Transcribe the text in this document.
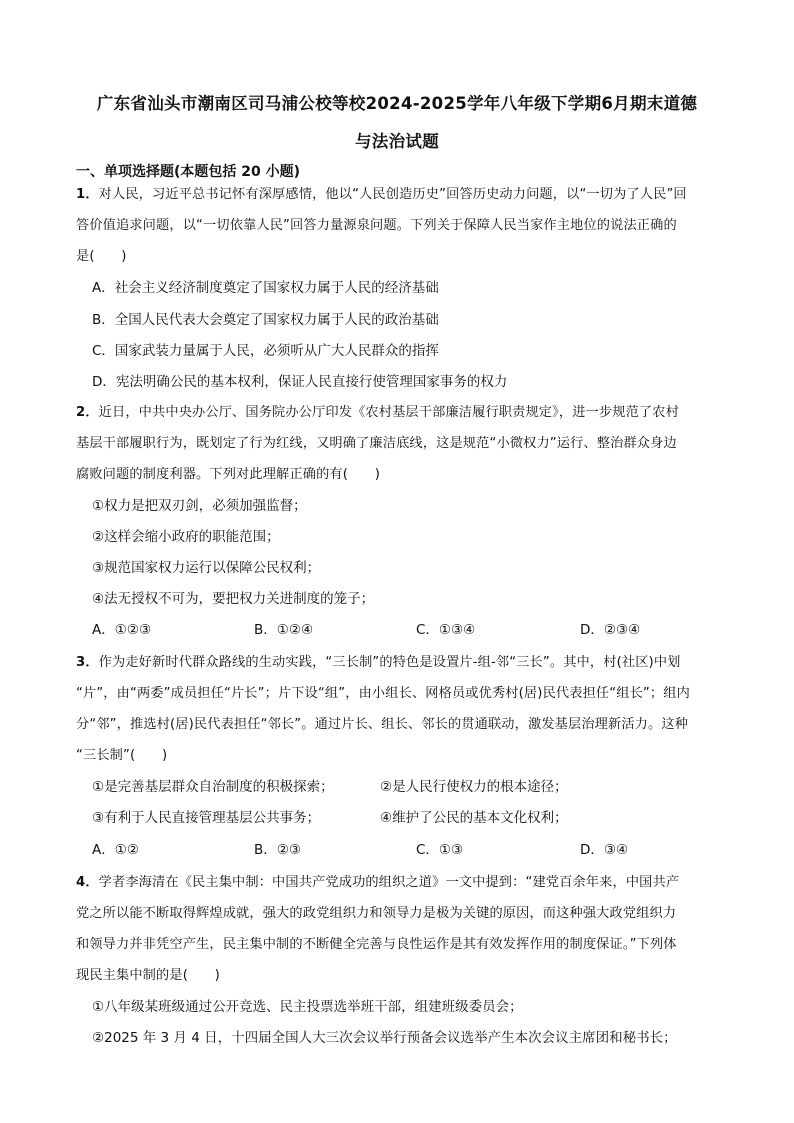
广东省汕头市潮南区司马浦公校等校2024-2025学年八年级下学期6月期末道德
与法治试题
一、单项选择题(本题包括 20 小题)
1．对人民，习近平总书记怀有深厚感情，他以“人民创造历史”回答历史动力问题，以“一切为了人民”回
答价值追求问题，以“一切依靠人民”回答力量源泉问题。下列关于保障人民当家作主地位的说法正确的
是(　　)
A．社会主义经济制度奠定了国家权力属于人民的经济基础
B．全国人民代表大会奠定了国家权力属于人民的政治基础
C．国家武装力量属于人民，必须听从广大人民群众的指挥
D．宪法明确公民的基本权利，保证人民直接行使管理国家事务的权力
2．近日，中共中央办公厅、国务院办公厅印发《农村基层干部廉洁履行职责规定》，进一步规范了农村
基层干部履职行为，既划定了行为红线，又明确了廉洁底线，这是规范“小微权力”运行、整治群众身边
腐败问题的制度利器。下列对此理解正确的有(　　)
①权力是把双刃剑，必须加强监督；
②这样会缩小政府的职能范围；
③规范国家权力运行以保障公民权利；
④法无授权不可为，要把权力关进制度的笼子；
A．①②③	B．①②④	C．①③④	D．②③④
3．作为走好新时代群众路线的生动实践，“三长制”的特色是设置片-组-邻“三长”。其中，村(社区)中划
“片”，由“两委”成员担任“片长”；片下设“组”，由小组长、网格员或优秀村(居)民代表担任“组长”；组内
分“邻”，推选村(居)民代表担任“邻长”。通过片长、组长、邻长的贯通联动，激发基层治理新活力。这种
“三长制”(　　)
①是完善基层群众自治制度的积极探索；	②是人民行使权力的根本途径；
③有利于人民直接管理基层公共事务；	④维护了公民的基本文化权利；
A．①②	B．②③	C．①③	D．③④
4．学者李海清在《民主集中制：中国共产党成功的组织之道》一文中提到：“建党百余年来，中国共产
党之所以能不断取得辉煌成就，强大的政党组织力和领导力是极为关键的原因，而这种强大政党组织力
和领导力并非凭空产生，民主集中制的不断健全完善与良性运作是其有效发挥作用的制度保证。”下列体
现民主集中制的是(　　)
①八年级某班级通过公开竞选、民主投票选举班干部，组建班级委员会；
②2025 年 3 月 4 日，十四届全国人大三次会议举行预备会议选举产生本次会议主席团和秘书长；
